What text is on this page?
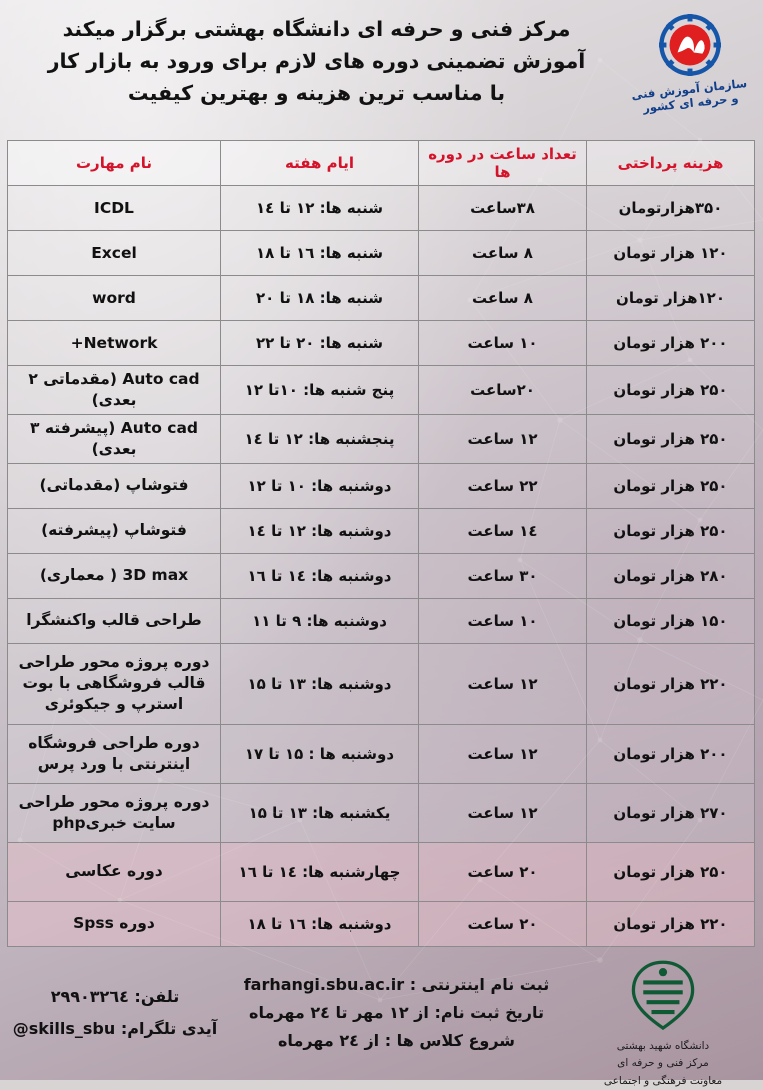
سازمان آموزش فنی و حرفه ای کشور
مرکز فنی و حرفه ای دانشگاه بهشتی برگزار میکند
آموزش تضمینی دوره های لازم برای ورود به بازار کار
با مناسب ترین هزینه و بهترین کیفیت
هزینه پرداختی	تعداد ساعت در دوره ها	ایام هفته	نام مهارت
۳۵۰هزارتومان	۳۸ساعت	شنبه ها: ۱۲ تا ۱٤	ICDL
۱۲۰ هزار تومان	۸ ساعت	شنبه ها: ۱٦ تا ۱۸	Excel
۱۲۰هزار تومان	۸ ساعت	شنبه ها: ۱۸ تا ۲۰	word
۲۰۰ هزار تومان	۱۰ ساعت	شنبه ها: ۲۰ تا ۲۲	Network+
۲۵۰ هزار تومان	۲۰ساعت	پنج شنبه ها: ۱۰تا ۱۲	Auto cad (مقدماتی ۲ بعدی)
۲۵۰ هزار تومان	۱۲ ساعت	پنجشنبه ها: ۱۲ تا ۱٤	Auto cad (پیشرفته ۳ بعدی)
۲۵۰ هزار تومان	۲۲ ساعت	دوشنبه ها: ۱۰ تا ۱۲	فتوشاپ (مقدماتی)
۲۵۰ هزار تومان	۱٤ ساعت	دوشنبه ها: ۱۲ تا ۱٤	فتوشاپ (پیشرفته)
۲۸۰ هزار تومان	۳۰ ساعت	دوشنبه ها: ۱٤ تا ۱٦	3D max ( معماری)
۱۵۰ هزار تومان	۱۰ ساعت	دوشنبه ها: ۹ تا ۱۱	طراحی قالب واکنشگرا
۲۲۰ هزار تومان	۱۲ ساعت	دوشنبه ها: ۱۳ تا ۱۵	دوره پروژه محور طراحی قالب فروشگاهی با بوت استرپ و جیکوئری
۲۰۰ هزار تومان	۱۲ ساعت	دوشنبه ها : ۱۵ تا ۱۷	دوره طراحی فروشگاه اینترنتی با ورد پرس
۲۷۰ هزار تومان	۱۲ ساعت	یکشنبه ها: ۱۳ تا ۱۵	دوره پروژه محور طراحی سایت خبریphp
۲۵۰ هزار تومان	۲۰ ساعت	چهارشنبه ها: ۱٤ تا ۱٦	دوره عکاسی
۲۲۰ هزار تومان	۲۰ ساعت	دوشنبه ها: ۱٦ تا ۱۸	دوره Spss
تلفن: ۲۹۹۰۳۲٦٤
آیدی تلگرام: skills_sbu@
ثبت نام اینترنتی : farhangi.sbu.ac.ir
تاریخ ثبت نام: از ۱۲ مهر تا ۲٤ مهرماه
شروع کلاس ها : از ۲٤ مهرماه	دانشگاه شهید بهشتی
مرکز فنی و حرفه ای
معاونت فرهنگی و اجتماعی
